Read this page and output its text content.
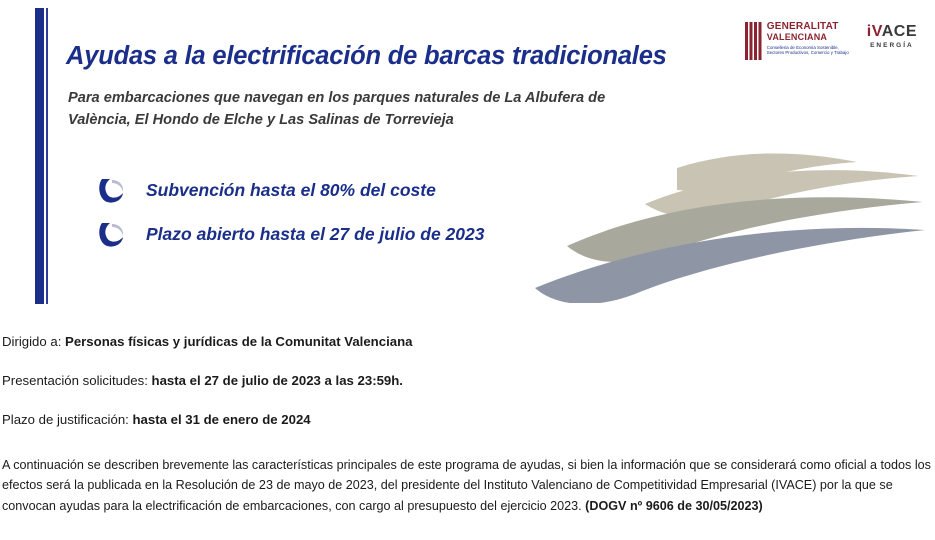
Ayudas a la electrificación de barcas tradicionales
Para embarcaciones que navegan en los parques naturales de La Albufera de
València, El Hondo de Elche y Las Salinas de Torrevieja
Subvención hasta el 80% del coste
Plazo abierto hasta el 27 de julio de 2023
GENERALITAT
VALENCIANA
Conselleria de Economía Sostenible, Sectores Productivos, Comercio y Trabajo
iVACE
ENERGÍA
Dirigido a: Personas físicas y jurídicas de la Comunitat Valenciana
Presentación solicitudes: hasta el 27 de julio de 2023 a las 23:59h.
Plazo de justificación: hasta el 31 de enero de 2024
A continuación se describen brevemente las características principales de este programa de ayudas, si bien la información que se considerará como oficial a todos los efectos será la publicada en la Resolución de 23 de mayo de 2023, del presidente del Instituto Valenciano de Competitividad Empresarial (IVACE) por la que se convocan ayudas para la electrificación de embarcaciones, con cargo al presupuesto del ejercicio 2023. (DOGV nº 9606 de 30/05/2023)
